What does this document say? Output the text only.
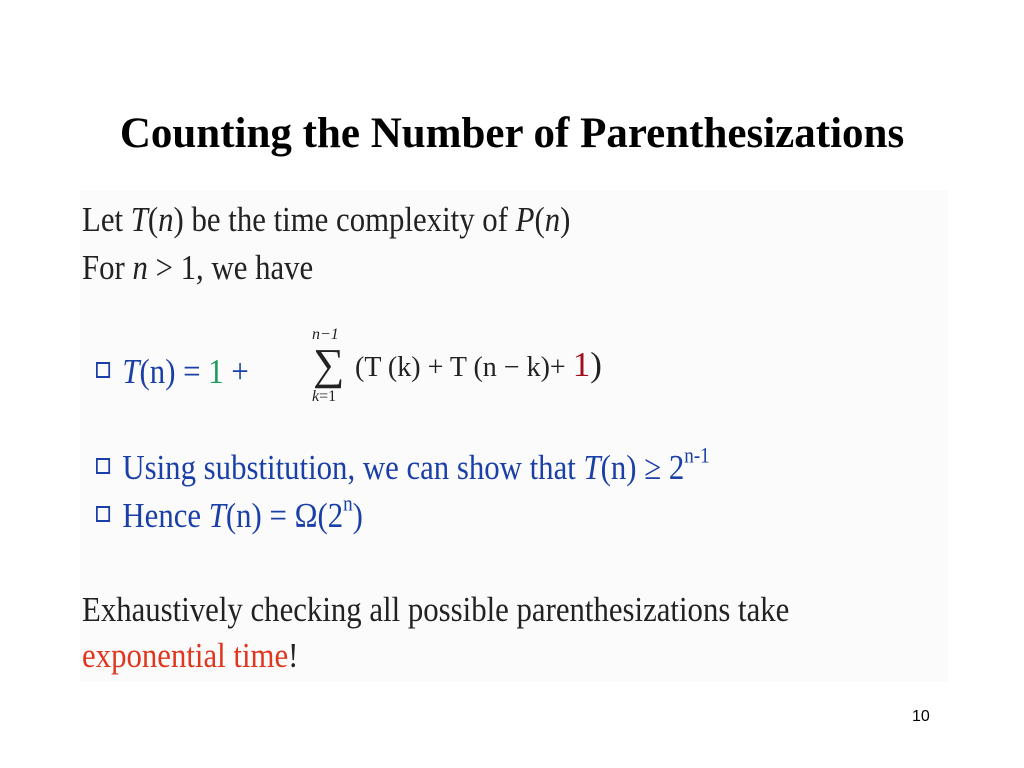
Counting the Number of Parenthesizations
Let T(n) be the time complexity of P(n)
For n > 1, we have
T(n) = 1 +
n−1
∑
k=1
(T (k) + T (n − k)+ 1)
Using substitution, we can show that $T(n) \ge 2^{n-1}$
Hence $T(n) = \Omega(2^n)$
Exhaustively checking all possible parenthesizations take
exponential time!
10
